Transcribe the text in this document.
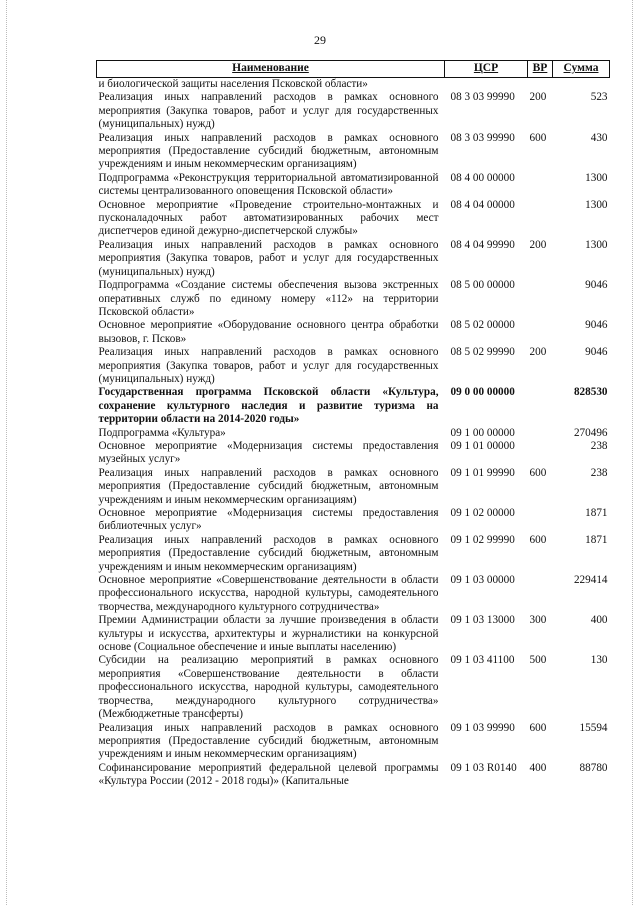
29
Наименование	ЦСР	ВР	Сумма
и биологической защиты населения Псковской области»			
Реализация иных направлений расходов в рамках основного мероприятия (Закупка товаров, работ и услуг для государственных (муниципальных) нужд)	08 3 03 99990	200	523
Реализация иных направлений расходов в рамках основного мероприятия (Предоставление субсидий бюджетным, автономным учреждениям и иным некоммерческим организациям)	08 3 03 99990	600	430
Подпрограмма «Реконструкция территориальной автоматизированной системы централизованного оповещения Псковской области»	08 4 00 00000		1300
Основное мероприятие «Проведение строительно-монтажных и пусконаладочных работ автоматизированных рабочих мест диспетчеров единой дежурно-диспетчерской службы»	08 4 04 00000		1300
Реализация иных направлений расходов в рамках основного мероприятия (Закупка товаров, работ и услуг для государственных (муниципальных) нужд)	08 4 04 99990	200	1300
Подпрограмма «Создание системы обеспечения вызова экстренных оперативных служб по единому номеру «112» на территории Псковской области»	08 5 00 00000		9046
Основное мероприятие «Оборудование основного центра обработки вызовов, г. Псков»	08 5 02 00000		9046
Реализация иных направлений расходов в рамках основного мероприятия (Закупка товаров, работ и услуг для государственных (муниципальных) нужд)	08 5 02 99990	200	9046
Государственная программа Псковской области «Культура, сохранение культурного наследия и развитие туризма на территории области на 2014-2020 годы»	09 0 00 00000		828530
Подпрограмма «Культура»	09 1 00 00000		270496
Основное мероприятие «Модернизация системы предоставления музейных услуг»	09 1 01 00000		238
Реализация иных направлений расходов в рамках основного мероприятия (Предоставление субсидий бюджетным, автономным учреждениям и иным некоммерческим организациям)	09 1 01 99990	600	238
Основное мероприятие «Модернизация системы предоставления библиотечных услуг»	09 1 02 00000		1871
Реализация иных направлений расходов в рамках основного мероприятия (Предоставление субсидий бюджетным, автономным учреждениям и иным некоммерческим организациям)	09 1 02 99990	600	1871
Основное мероприятие «Совершенствование деятельности в области профессионального искусства, народной культуры, самодеятельного творчества, международного культурного сотрудничества»	09 1 03 00000		229414
Премии Администрации области за лучшие произведения в области культуры и искусства, архитектуры и журналистики на конкурсной основе (Социальное обеспечение и иные выплаты населению)	09 1 03 13000	300	400
Субсидии на реализацию мероприятий в рамках основного мероприятия «Совершенствование деятельности в области профессионального искусства, народной культуры, самодеятельного творчества, международного культурного сотрудничества» (Межбюджетные трансферты)	09 1 03 41100	500	130
Реализация иных направлений расходов в рамках основного мероприятия (Предоставление субсидий бюджетным, автономным учреждениям и иным некоммерческим организациям)	09 1 03 99990	600	15594
Софинансирование мероприятий федеральной целевой программы «Культура России (2012 - 2018 годы)» (Капитальные	09 1 03 R0140	400	88780
